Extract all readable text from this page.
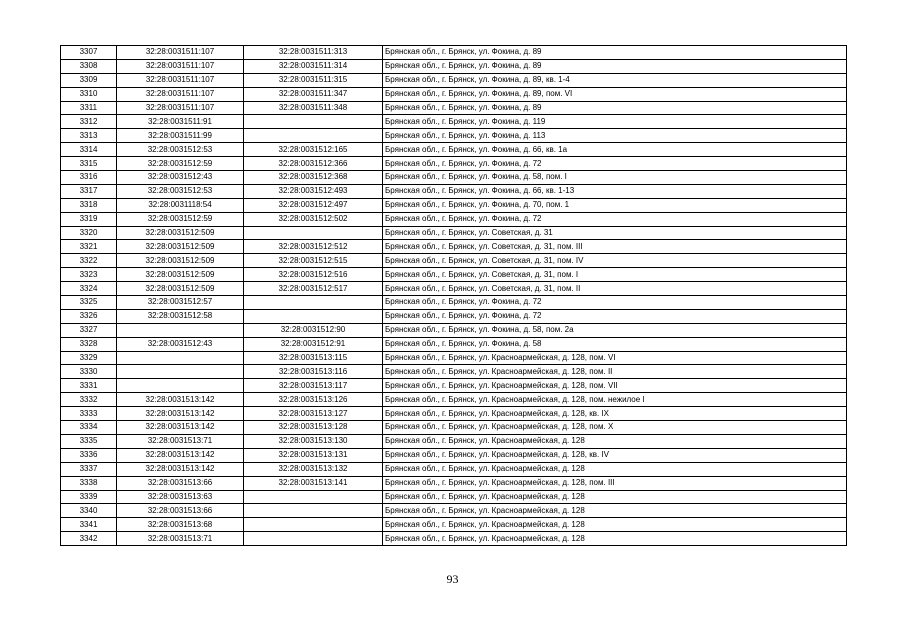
3307	32:28:0031511:107	32:28:0031511:313	Брянская обл., г. Брянск, ул. Фокина, д. 89
3308	32:28:0031511:107	32:28:0031511:314	Брянская обл., г. Брянск, ул. Фокина, д. 89
3309	32:28:0031511:107	32:28:0031511:315	Брянская обл., г. Брянск, ул. Фокина, д. 89, кв. 1-4
3310	32:28:0031511:107	32:28:0031511:347	Брянская обл., г. Брянск, ул. Фокина, д. 89, пом. VI
3311	32:28:0031511:107	32:28:0031511:348	Брянская обл., г. Брянск, ул. Фокина, д. 89
3312	32:28:0031511:91		Брянская обл., г. Брянск, ул. Фокина, д. 119
3313	32:28:0031511:99		Брянская обл., г. Брянск, ул. Фокина, д. 113
3314	32:28:0031512:53	32:28:0031512:165	Брянская обл., г. Брянск, ул. Фокина, д. 66, кв. 1а
3315	32:28:0031512:59	32:28:0031512:366	Брянская обл., г. Брянск, ул. Фокина, д. 72
3316	32:28:0031512:43	32:28:0031512:368	Брянская обл., г. Брянск, ул. Фокина, д. 58, пом. I
3317	32:28:0031512:53	32:28:0031512:493	Брянская обл., г. Брянск, ул. Фокина, д. 66, кв. 1-13
3318	32:28:0031118:54	32:28:0031512:497	Брянская обл., г. Брянск, ул. Фокина, д. 70, пом. 1
3319	32:28:0031512:59	32:28:0031512:502	Брянская обл., г. Брянск, ул. Фокина, д. 72
3320	32:28:0031512:509		Брянская обл., г. Брянск, ул. Советская, д. 31
3321	32:28:0031512:509	32:28:0031512:512	Брянская обл., г. Брянск, ул. Советская, д. 31, пом. III
3322	32:28:0031512:509	32:28:0031512:515	Брянская обл., г. Брянск, ул. Советская, д. 31, пом. IV
3323	32:28:0031512:509	32:28:0031512:516	Брянская обл., г. Брянск, ул. Советская, д. 31, пом. I
3324	32:28:0031512:509	32:28:0031512:517	Брянская обл., г. Брянск, ул. Советская, д. 31, пом. II
3325	32:28:0031512:57		Брянская обл., г. Брянск, ул. Фокина, д. 72
3326	32:28:0031512:58		Брянская обл., г. Брянск, ул. Фокина, д. 72
3327		32:28:0031512:90	Брянская обл., г. Брянск, ул. Фокина, д. 58, пом. 2а
3328	32:28:0031512:43	32:28:0031512:91	Брянская обл., г. Брянск, ул. Фокина, д. 58
3329		32:28:0031513:115	Брянская обл., г. Брянск, ул. Красноармейская, д. 128, пом. VI
3330		32:28:0031513:116	Брянская обл., г. Брянск, ул. Красноармейская, д. 128, пом. II
3331		32:28:0031513:117	Брянская обл., г. Брянск, ул. Красноармейская, д. 128, пом. VII
3332	32:28:0031513:142	32:28:0031513:126	Брянская обл., г. Брянск, ул. Красноармейская, д. 128, пом. нежилое I
3333	32:28:0031513:142	32:28:0031513:127	Брянская обл., г. Брянск, ул. Красноармейская, д. 128, кв. IX
3334	32:28:0031513:142	32:28:0031513:128	Брянская обл., г. Брянск, ул. Красноармейская, д. 128, пом. X
3335	32:28:0031513:71	32:28:0031513:130	Брянская обл., г. Брянск, ул. Красноармейская, д. 128
3336	32:28:0031513:142	32:28:0031513:131	Брянская обл., г. Брянск, ул. Красноармейская, д. 128, кв. IV
3337	32:28:0031513:142	32:28:0031513:132	Брянская обл., г. Брянск, ул. Красноармейская, д. 128
3338	32:28:0031513:66	32:28:0031513:141	Брянская обл., г. Брянск, ул. Красноармейская, д. 128, пом. III
3339	32:28:0031513:63		Брянская обл., г. Брянск, ул. Красноармейская, д. 128
3340	32:28:0031513:66		Брянская обл., г. Брянск, ул. Красноармейская, д. 128
3341	32:28:0031513:68		Брянская обл., г. Брянск, ул. Красноармейская, д. 128
3342	32:28:0031513:71		Брянская обл., г. Брянск, ул. Красноармейская, д. 128
93
